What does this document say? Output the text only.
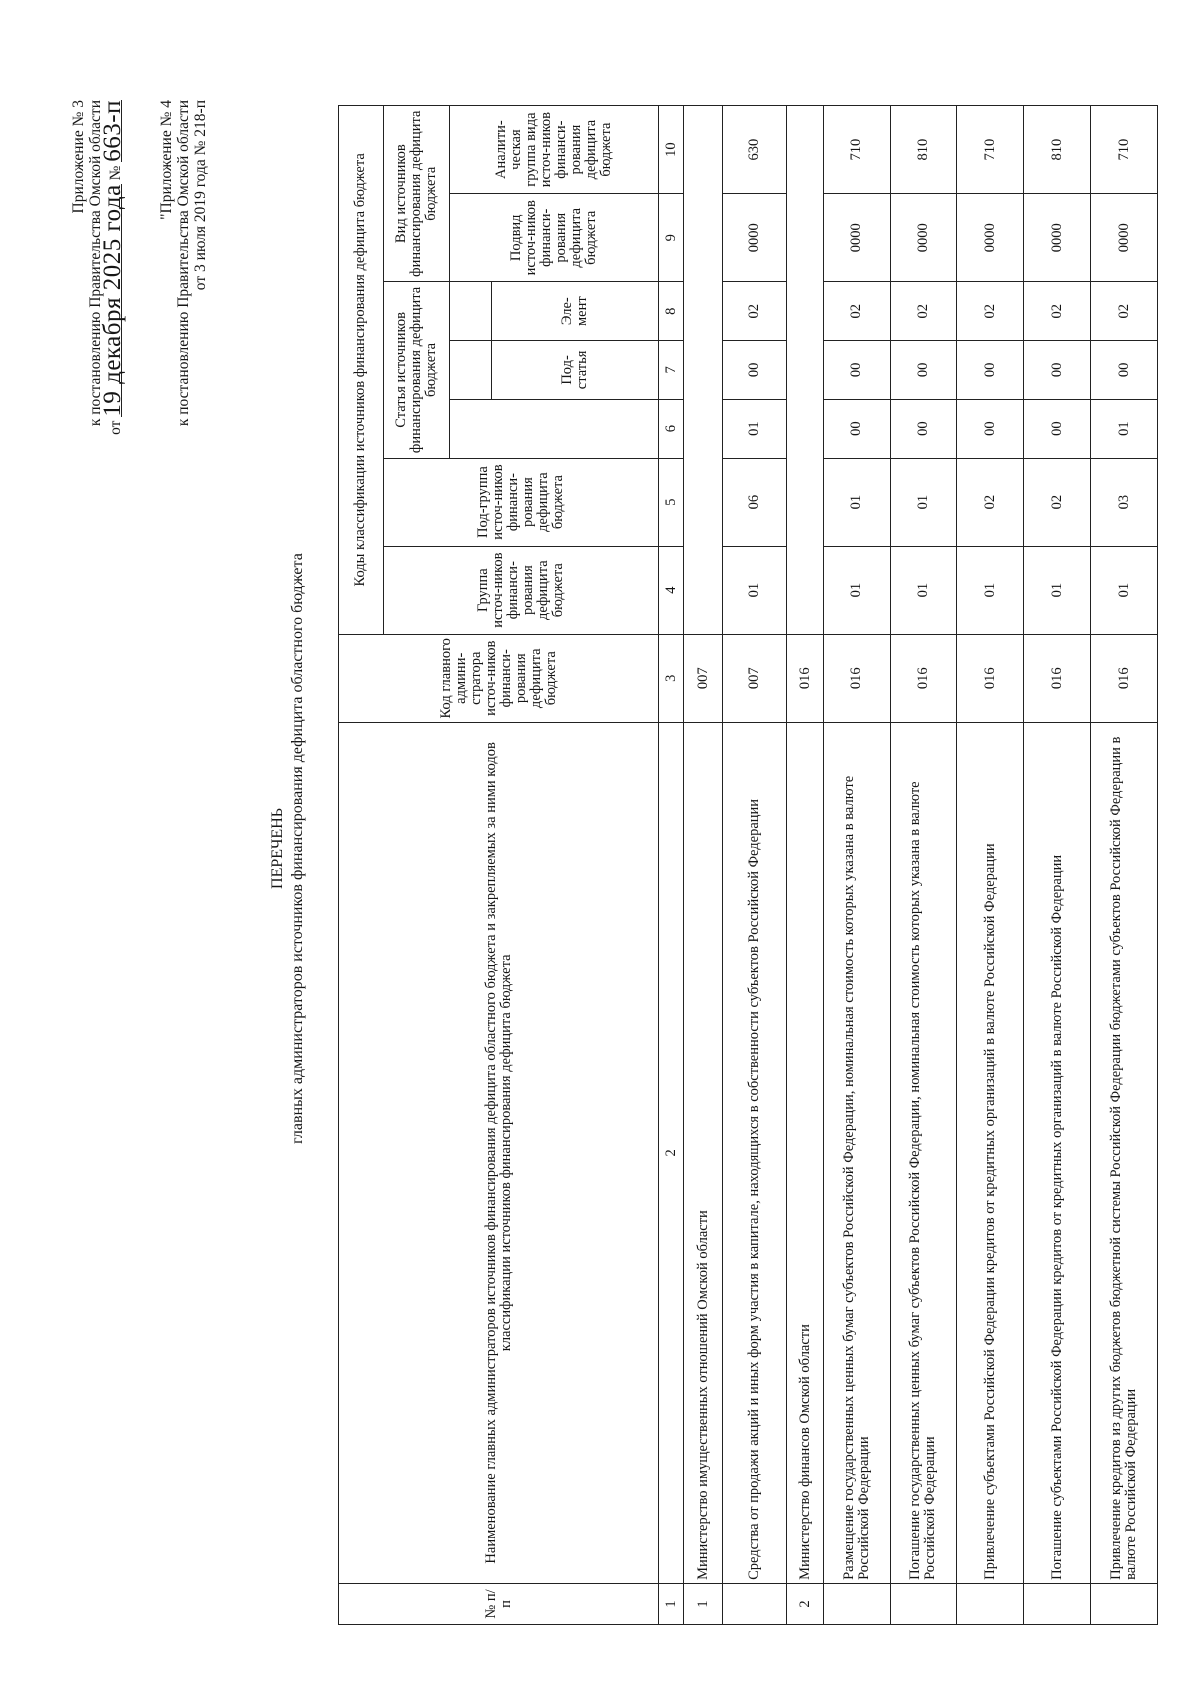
Приложение № 3 к постановлению Правительства Омской области
от 19 декабря 2025 года № 663-п "Приложение № 4 к постановлению Правительства Омской области от 3 июля 2019 года № 218-п
ПЕРЕЧЕНЬ главных администраторов источников финансирования дефицита областного бюджета
№ п/п	Наименование главных администраторов источников финансирования дефицита областного бюджета и закрепляемых за ними кодов классификации источников финансирования дефицита бюджета	Код главного админи-стратора источ-ников финанси-рования дефицита бюджета	Коды классификации источников финансирования дефицита бюджета						
			Группа источ-ников финанси-рования дефицита бюджета	Под-группа источ-ников финанси-рования дефицита бюджета	Статья источников финансирования дефицита бюджета			Вид источников финансирования дефицита бюджета	
								Подвид источ-ников финанси-рования дефицита бюджета	Аналити-ческая группа вида источ-ников финанси-рования дефицита бюджета
						Под-статья	Эле-мент		
1	2	3	4	5	6	7	8	9	10
1	Министерство имущественных отношений Омской области	007							
	Средства от продажи акций и иных форм участия в капитале, находящихся в собственности субъектов Российской Федерации	007	01	06	01	00	02	0000	630
2	Министерство финансов Омской области	016							
	Размещение государственных ценных бумаг субъектов Российской Федерации, номинальная стоимость которых указана в валюте Российской Федерации	016	01	01	00	00	02	0000	710
	Погашение государственных ценных бумаг субъектов Российской Федерации, номинальная стоимость которых указана в валюте Российской Федерации	016	01	01	00	00	02	0000	810
	Привлечение субъектами Российской Федерации кредитов от кредитных организаций в валюте Российской Федерации	016	01	02	00	00	02	0000	710
	Погашение субъектами Российской Федерации кредитов от кредитных организаций в валюте Российской Федерации	016	01	02	00	00	02	0000	810
	Привлечение кредитов из других бюджетов бюджетной системы Российской Федерации бюджетами субъектов Российской Федерации в валюте Российской Федерации	016	01	03	01	00	02	0000	710
